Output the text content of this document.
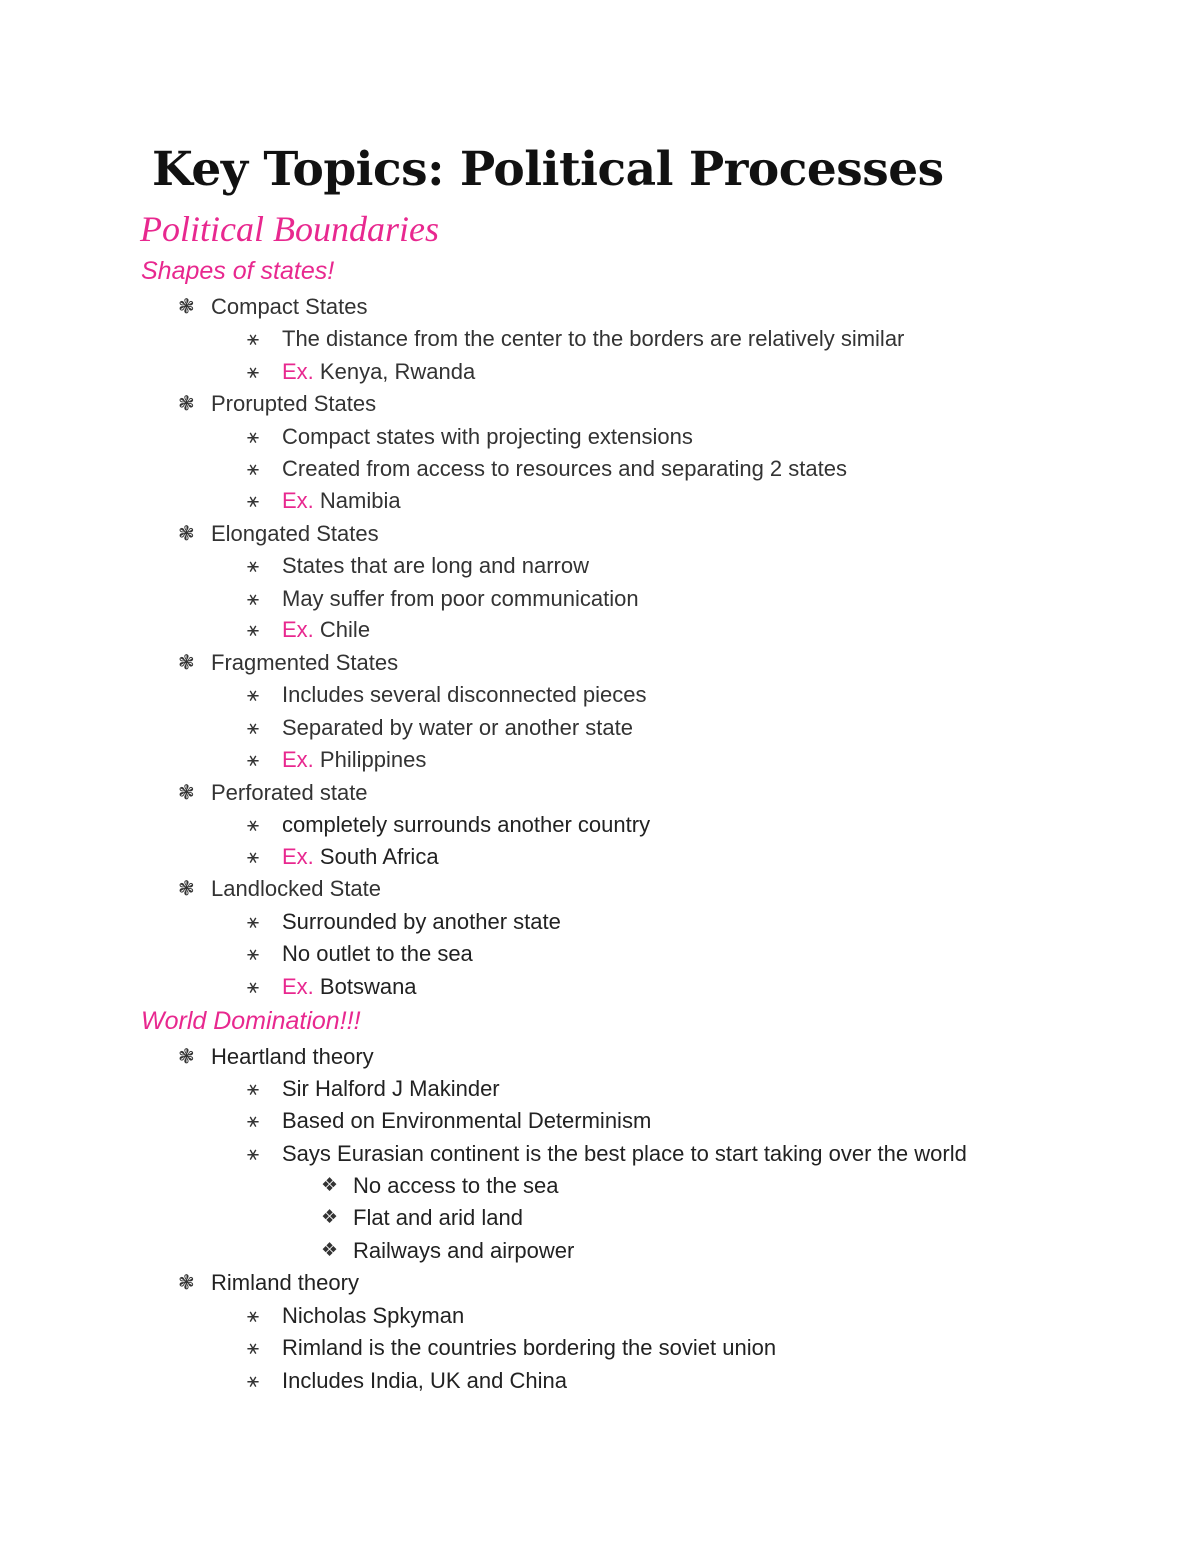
Key Topics: Political Processes
Political Boundaries
Shapes of states!
❃ Compact States
⚹ The distance from the center to the borders are relatively similar
⚹ Ex. Kenya, Rwanda
❃ Prorupted States
⚹ Compact states with projecting extensions
⚹ Created from access to resources and separating 2 states
⚹ Ex. Namibia
❃ Elongated States
⚹ States that are long and narrow
⚹ May suffer from poor communication
⚹ Ex. Chile
❃ Fragmented States
⚹ Includes several disconnected pieces
⚹ Separated by water or another state
⚹ Ex. Philippines
❃ Perforated state
⚹ completely surrounds another country
⚹ Ex. South Africa
❃ Landlocked State
⚹ Surrounded by another state
⚹ No outlet to the sea
⚹ Ex. Botswana
World Domination!!!
❃ Heartland theory
⚹ Sir Halford J Makinder
⚹ Based on Environmental Determinism
⚹ Says Eurasian continent is the best place to start taking over the world
❖ No access to the sea
❖ Flat and arid land
❖ Railways and airpower
❃ Rimland theory
⚹ Nicholas Spkyman
⚹ Rimland is the countries bordering the soviet union
⚹ Includes India, UK and China
